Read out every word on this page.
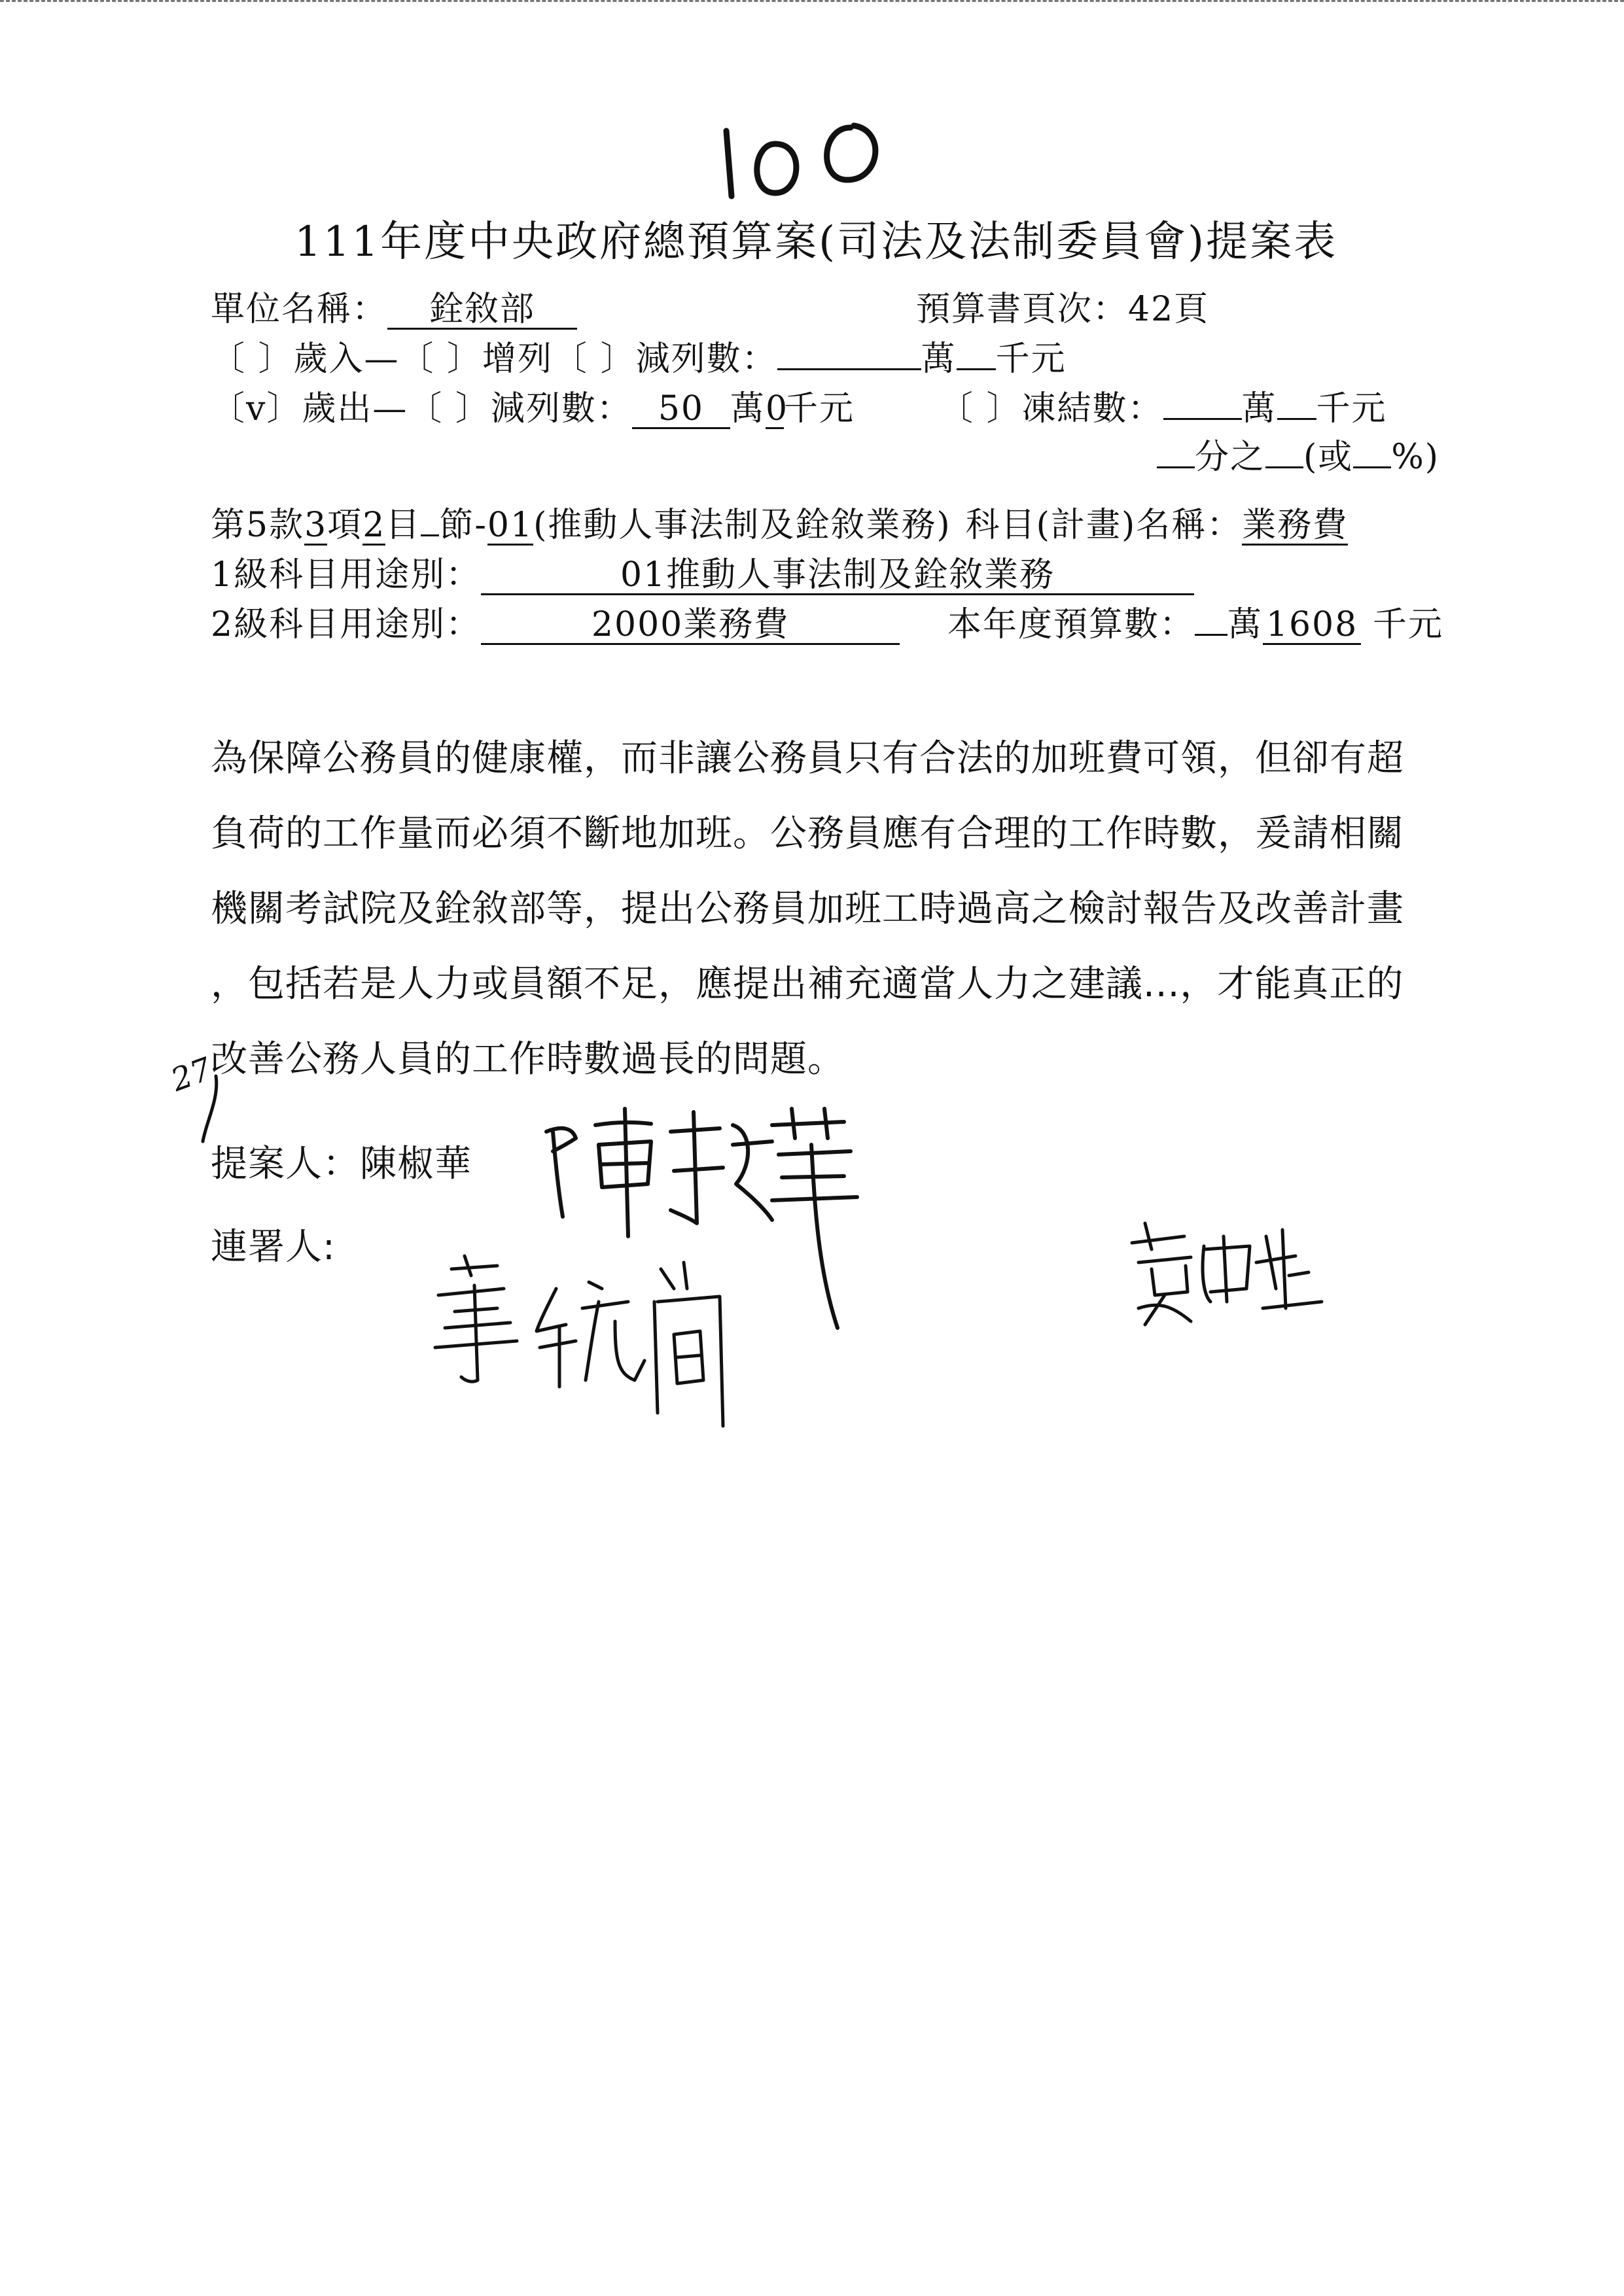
111年度中央政府總預算案(司法及法制委員會)提案表
單位名稱： 銓敘部	預算書頁次：42頁
〔 〕歲入—〔 〕增列〔 〕減列數：	萬 千元
〔v〕歲出—〔 〕減列數： 50 萬0千元 〔 〕凍結數： 萬 千元
分之 (或 %)
第5款3項2目 節-01(推動人事法制及銓敘業務) 科目(計畫)名稱：業務費
1級科目用途別：	01推動人事法制及銓敘業務
2級科目用途別：	2000業務費	本年度預算數： 萬1608 千元
為保障公務員的健康權，而非讓公務員只有合法的加班費可領，但卻有超
負荷的工作量而必須不斷地加班。公務員應有合理的工作時數，爰請相關
機關考試院及銓敘部等，提出公務員加班工時過高之檢討報告及改善計畫
，包括若是人力或員額不足，應提出補充適當人力之建議...，才能真正的
改善公務人員的工作時數過長的問題。
27
提案人：陳椒華
連署人:
